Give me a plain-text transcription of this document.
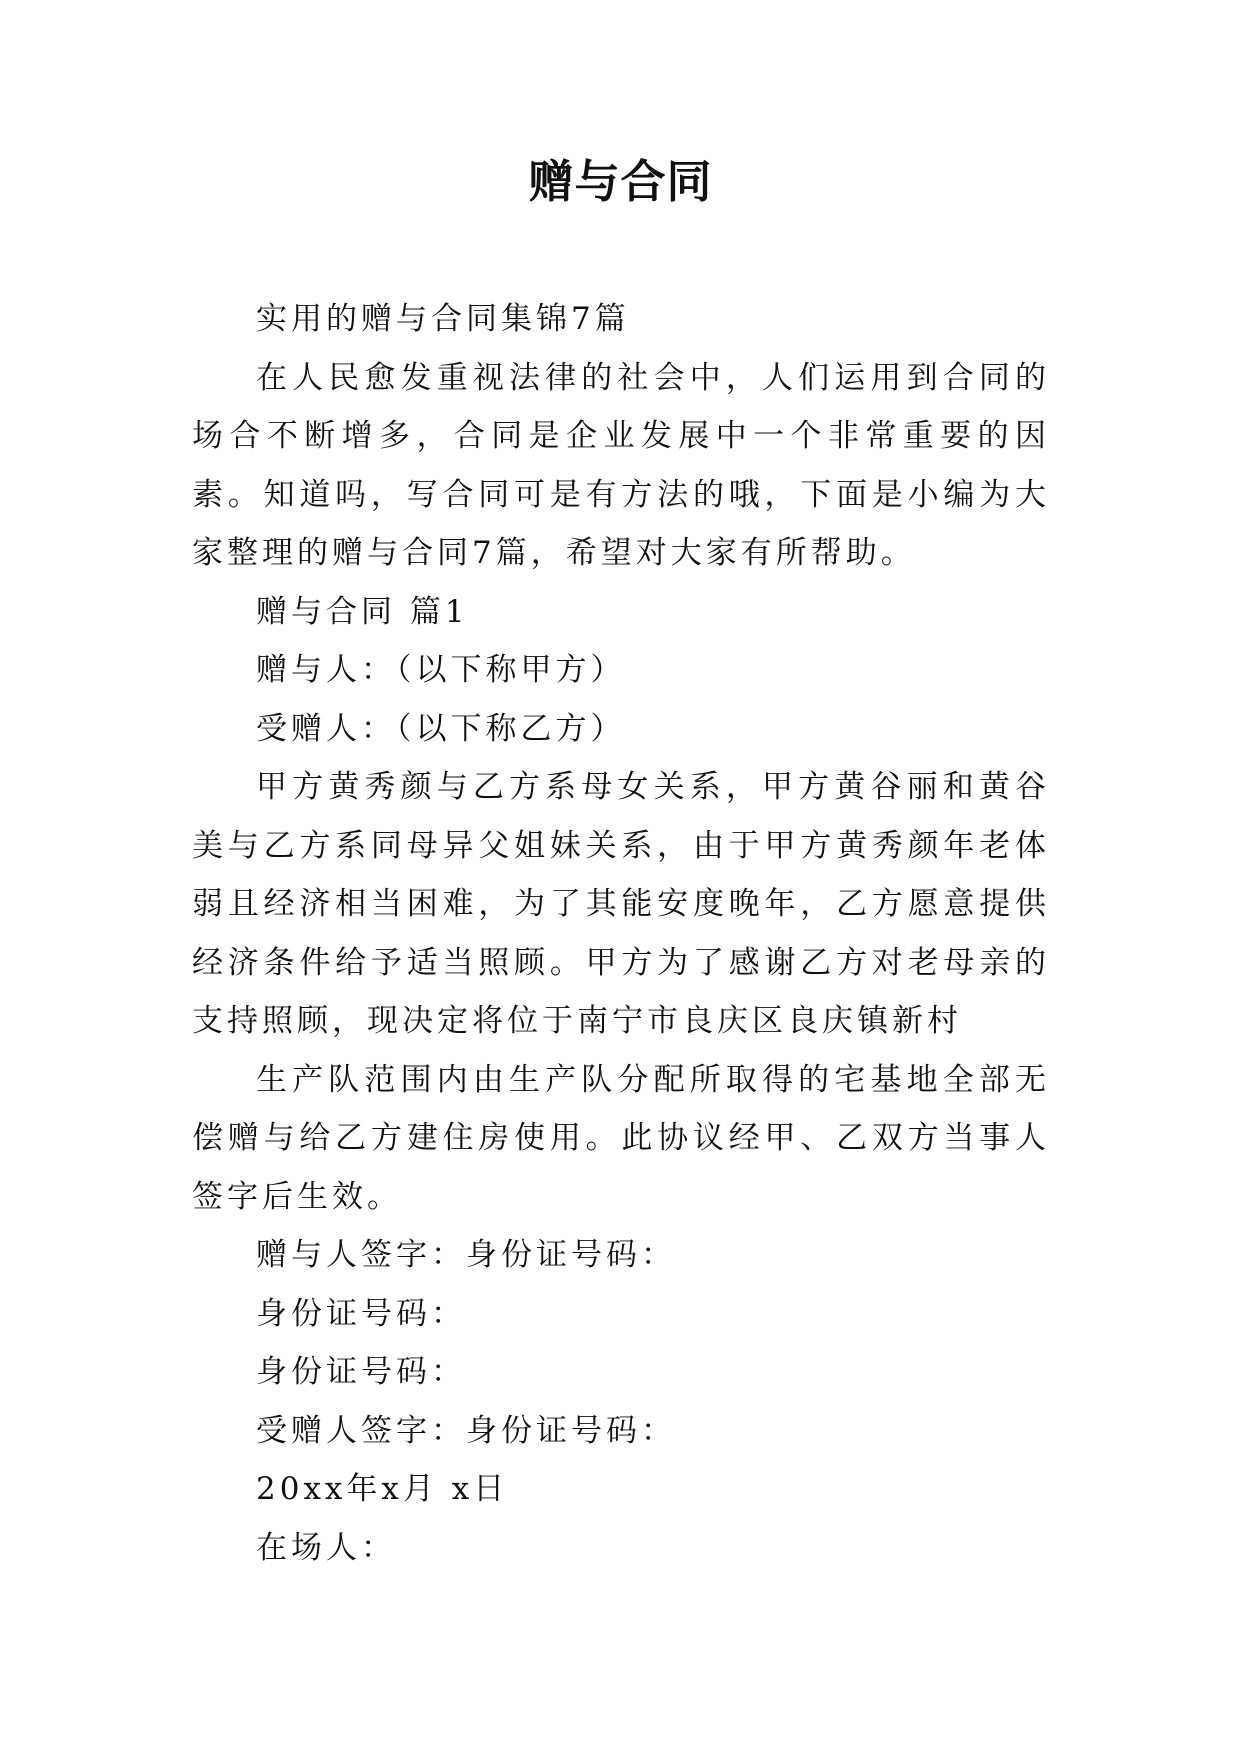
赠与合同

实用的赠与合同集锦7篇

在人民愈发重视法律的社会中，人们运用到合同的场合不断增多，合同是企业发展中一个非常重要的因素。知道吗，写合同可是有方法的哦，下面是小编为大家整理的赠与合同7篇，希望对大家有所帮助。

赠与合同 篇1

赠与人：（以下称甲方）

受赠人：（以下称乙方）

甲方黄秀颜与乙方系母女关系，甲方黄谷丽和黄谷美与乙方系同母异父姐妹关系，由于甲方黄秀颜年老体弱且经济相当困难，为了其能安度晚年，乙方愿意提供经济条件给予适当照顾。甲方为了感谢乙方对老母亲的支持照顾，现决定将位于南宁市良庆区良庆镇新村

生产队范围内由生产队分配所取得的宅基地全部无偿赠与给乙方建住房使用。此协议经甲、乙双方当事人签字后生效。

赠与人签字：身份证号码：

身份证号码：

身份证号码：

受赠人签字：身份证号码：

20xx年x月 x日

在场人：
